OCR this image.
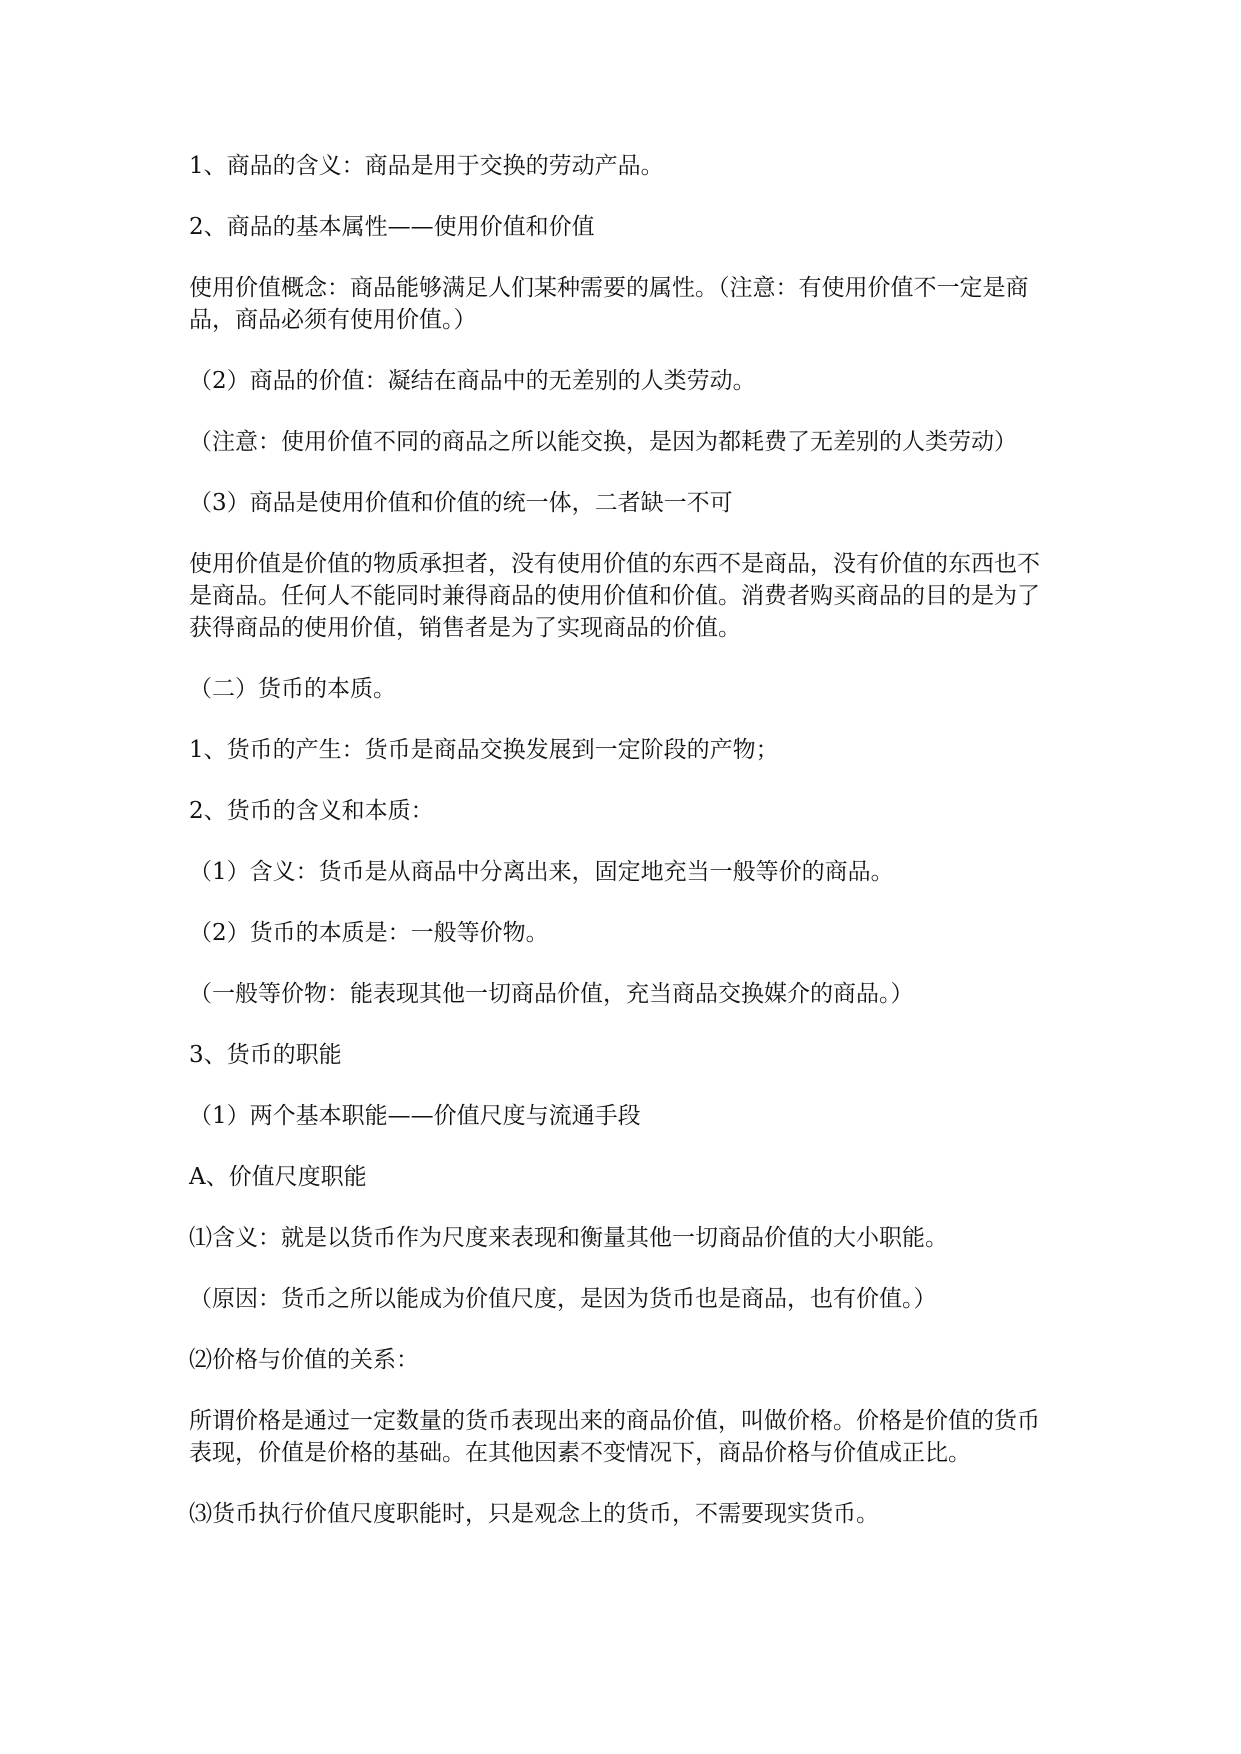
1、商品的含义：商品是用于交换的劳动产品。

2、商品的基本属性——使用价值和价值

使用价值概念：商品能够满足人们某种需要的属性。（注意：有使用价值不一定是商品，商品必须有使用价值。）

（2）商品的价值：凝结在商品中的无差别的人类劳动。

（注意：使用价值不同的商品之所以能交换，是因为都耗费了无差别的人类劳动）

（3）商品是使用价值和价值的统一体，二者缺一不可

使用价值是价值的物质承担者，没有使用价值的东西不是商品，没有价值的东西也不是商品。任何人不能同时兼得商品的使用价值和价值。消费者购买商品的目的是为了获得商品的使用价值，销售者是为了实现商品的价值。

（二）货币的本质。

1、货币的产生：货币是商品交换发展到一定阶段的产物；

2、货币的含义和本质：

（1）含义：货币是从商品中分离出来，固定地充当一般等价的商品。

（2）货币的本质是：一般等价物。

（一般等价物：能表现其他一切商品价值，充当商品交换媒介的商品。）

3、货币的职能

（1）两个基本职能——价值尺度与流通手段

A、价值尺度职能

⑴含义：就是以货币作为尺度来表现和衡量其他一切商品价值的大小职能。

（原因：货币之所以能成为价值尺度，是因为货币也是商品，也有价值。）

⑵价格与价值的关系：

所谓价格是通过一定数量的货币表现出来的商品价值，叫做价格。价格是价值的货币表现，价值是价格的基础。在其他因素不变情况下，商品价格与价值成正比。

⑶货币执行价值尺度职能时，只是观念上的货币，不需要现实货币。
